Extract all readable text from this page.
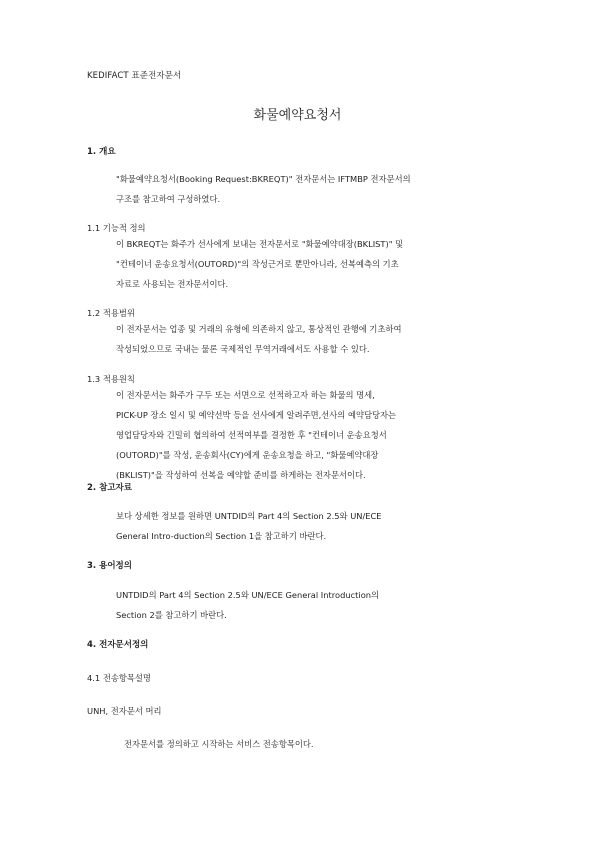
KEDIFACT 표준전자문서
화물예약요청서
1. 개요
"화물예약요청서(Booking Request:BKREQT)" 전자문서는 IFTMBP 전자문서의
구조를 참고하여 구성하였다.
1.1 기능적 정의
이 BKREQT는 화주가 선사에게 보내는 전자문서로 "화물예약대장(BKLIST)" 및
"컨테이너 운송요청서(OUTORD)"의 작성근거로 뿐만아니라, 선복예측의 기초
자료로 사용되는 전자문서이다.
1.2 적용범위
이 전자문서는 업종 및 거래의 유형에 의존하지 않고, 통상적인 관행에 기초하여
작성되었으므로 국내는 물론 국제적인 무역거래에서도 사용할 수 있다.
1.3 적용원칙
이 전자문서는 화주가 구두 또는 서면으로 선적하고자 하는 화물의 명세,
PICK-UP 장소 일시 및 예약선박 등을 선사에게 알려주면,선사의 예약담당자는
영업담당자와 긴밀히 협의하여 선적여부를 결정한 후 "컨테이너 운송요청서
(OUTORD)"를 작성, 운송회사(CY)에게 운송요청을 하고, "화물예약대장
(BKLIST)"을 작성하여 선복을 예약할 준비를 하게하는 전자문서이다.
2. 참고자료
보다 상세한 정보를 원하면 UNTDID의 Part 4의 Section 2.5와 UN/ECE
General Intro-duction의 Section 1을 참고하기 바란다.
3. 용어정의
UNTDID의 Part 4의 Section 2.5와 UN/ECE General Introduction의
Section 2를 참고하기 바란다.
4. 전자문서정의
4.1 전송항목설명
UNH, 전자문서 머리
전자문서를 정의하고 시작하는 서비스 전송항목이다.
